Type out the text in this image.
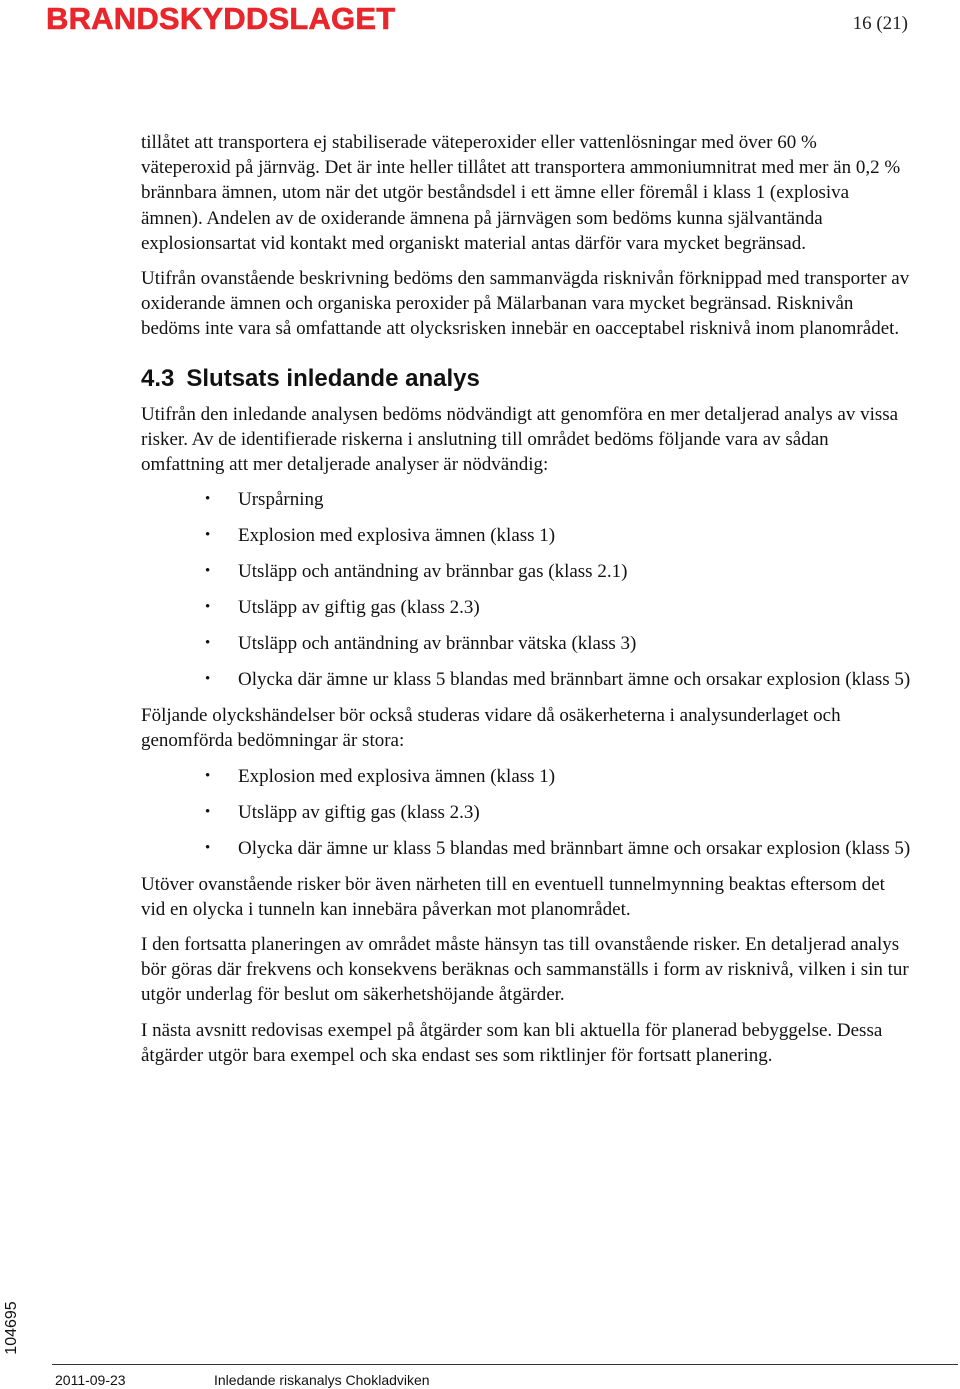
BRANDSKYDDSLAGET	16 (21)

tillåtet att transportera ej stabiliserade väteperoxider eller vattenlösningar med över 60 % väteperoxid på järnväg. Det är inte heller tillåtet att transportera ammoniumnitrat med mer än 0,2 % brännbara ämnen, utom när det utgör beståndsdel i ett ämne eller föremål i klass 1 (explosiva ämnen). Andelen av de oxiderande ämnena på järnvägen som bedöms kunna självantända explosionsartat vid kontakt med organiskt material antas därför vara mycket begränsad.

Utifrån ovanstående beskrivning bedöms den sammanvägda risknivån förknippad med transporter av oxiderande ämnen och organiska peroxider på Mälarbanan vara mycket begränsad. Risknivån bedöms inte vara så omfattande att olycksrisken innebär en oacceptabel risknivå inom planområdet.

4.3 Slutsats inledande analys

Utifrån den inledande analysen bedöms nödvändigt att genomföra en mer detaljerad analys av vissa risker. Av de identifierade riskerna i anslutning till området bedöms följande vara av sådan omfattning att mer detaljerade analyser är nödvändig:

• Urspårning
• Explosion med explosiva ämnen (klass 1)
• Utsläpp och antändning av brännbar gas (klass 2.1)
• Utsläpp av giftig gas (klass 2.3)
• Utsläpp och antändning av brännbar vätska (klass 3)
• Olycka där ämne ur klass 5 blandas med brännbart ämne och orsakar explosion (klass 5)

Följande olyckshändelser bör också studeras vidare då osäkerheterna i analysunderlaget och genomförda bedömningar är stora:

• Explosion med explosiva ämnen (klass 1)
• Utsläpp av giftig gas (klass 2.3)
• Olycka där ämne ur klass 5 blandas med brännbart ämne och orsakar explosion (klass 5)

Utöver ovanstående risker bör även närheten till en eventuell tunnelmynning beaktas eftersom det vid en olycka i tunneln kan innebära påverkan mot planområdet.

I den fortsatta planeringen av området måste hänsyn tas till ovanstående risker. En detaljerad analys bör göras där frekvens och konsekvens beräknas och sammanställs i form av risknivå, vilken i sin tur utgör underlag för beslut om säkerhetshöjande åtgärder.

I nästa avsnitt redovisas exempel på åtgärder som kan bli aktuella för planerad bebyggelse. Dessa åtgärder utgör bara exempel och ska endast ses som riktlinjer för fortsatt planering.

104695
2011-09-23	Inledande riskanalys Chokladviken
